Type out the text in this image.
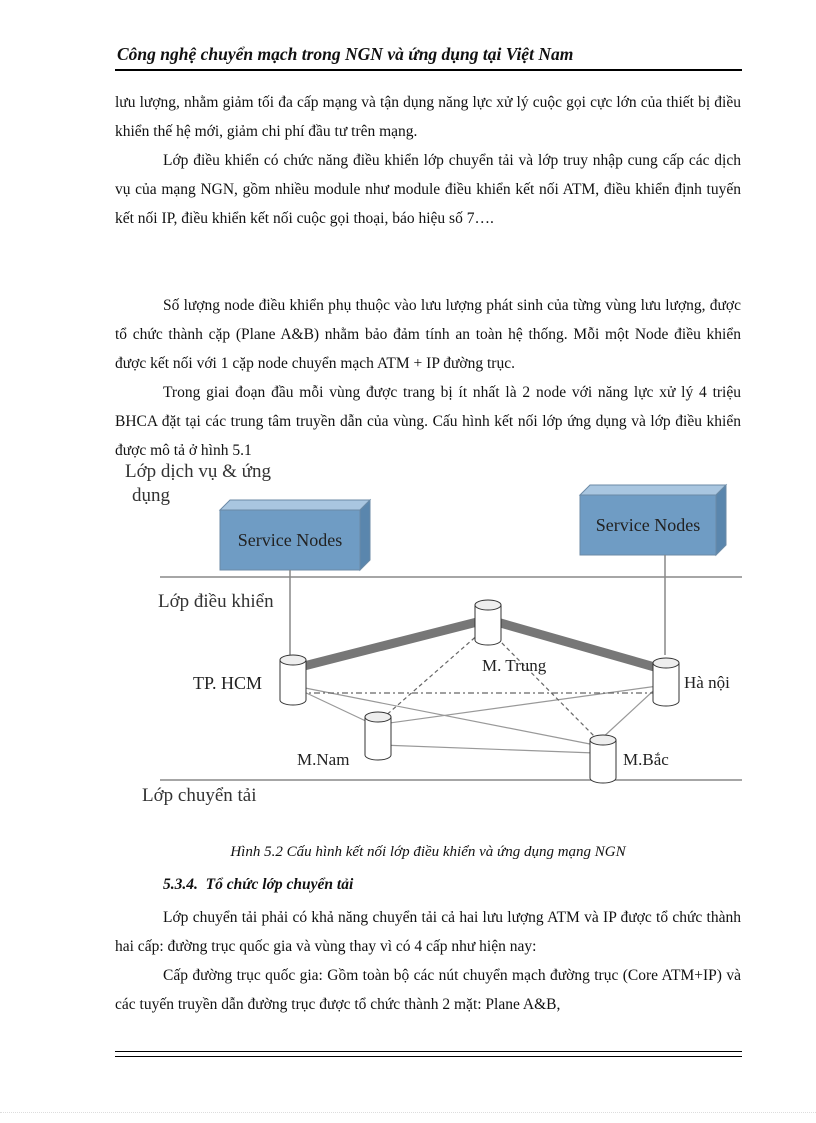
Công nghệ chuyển mạch trong NGN và ứng dụng tại Việt Nam

lưu lượng, nhằm giảm tối đa cấp mạng và tận dụng năng lực xử lý cuộc gọi cực lớn của thiết bị điều khiển thế hệ mới, giảm chi phí đầu tư trên mạng.

Lớp điều khiển có chức năng điều khiển lớp chuyển tải và lớp truy nhập cung cấp các dịch vụ của mạng NGN, gồm nhiều module như module điều khiển kết nối ATM, điều khiển định tuyến kết nối IP, điều khiển kết nối cuộc gọi thoại, báo hiệu số 7….

Số lượng node điều khiển phụ thuộc vào lưu lượng phát sinh của từng vùng lưu lượng, được tổ chức thành cặp (Plane A&B) nhằm bảo đảm tính an toàn hệ thống. Mỗi một Node điều khiển được kết nối với 1 cặp node chuyển mạch ATM + IP đường trục.

Trong giai đoạn đầu mỗi vùng được trang bị ít nhất là 2 node với năng lực xử lý 4 triệu BHCA đặt tại các trung tâm truyền dẫn của vùng. Cấu hình kết nối lớp ứng dụng và lớp điều khiển được mô tả ở hình 5.1

Lớp dịch vụ & ứng
dụng
Lớp điều khiển
Lớp chuyển tải
Service Nodes
Service Nodes
TP. HCM
M. Trung
Hà nội
M.Nam	M.Bắc
Hình 5.2 Cấu hình kết nối lớp điều khiển và ứng dụng mạng NGN
5.3.4. Tổ chức lớp chuyển tải

Lớp chuyển tải phải có khả năng chuyển tải cả hai lưu lượng ATM và IP được tổ chức thành hai cấp: đường trục quốc gia và vùng thay vì có 4 cấp như hiện nay:

Cấp đường trục quốc gia: Gồm toàn bộ các nút chuyển mạch đường trục (Core ATM+IP) và các tuyến truyền dẫn đường trục được tổ chức thành 2 mặt: Plane A&B,
